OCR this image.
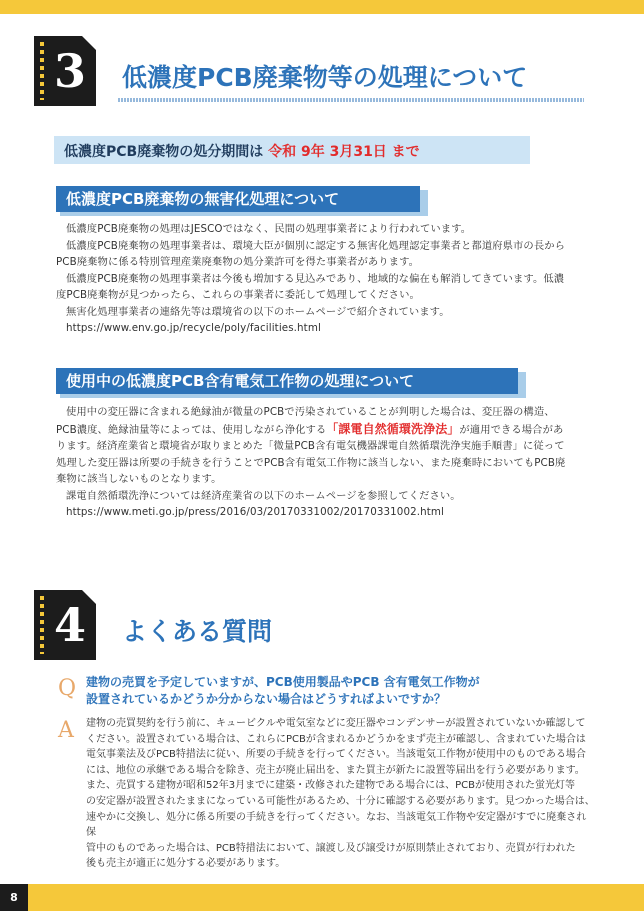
3 低濃度PCB廃棄物等の処理について
低濃度PCB廃棄物の処分期間は 令和 9年 3月31日 まで
低濃度PCB廃棄物の無害化処理について

低濃度PCB廃棄物の処理はJESCOではなく、民間の処理事業者により行われています。

低濃度PCB廃棄物の処理事業者は、環境大臣が個別に認定する無害化処理認定事業者と都道府県市の長から

PCB廃棄物に係る特別管理産業廃棄物の処分業許可を得た事業者があります。

低濃度PCB廃棄物の処理事業者は今後も増加する見込みであり、地域的な偏在も解消してきています。低濃

度PCB廃棄物が見つかったら、これらの事業者に委託して処理してください。

無害化処理事業者の連絡先等は環境省の以下のホームページで紹介されています。

https://www.env.go.jp/recycle/poly/facilities.html

使用中の低濃度PCB含有電気工作物の処理について

使用中の変圧器に含まれる絶縁油が微量のPCBで汚染されていることが判明した場合は、変圧器の構造、

PCB濃度、絶縁油量等によっては、使用しながら浄化する「課電自然循環洗浄法」が適用できる場合があ

ります。経済産業省と環境省が取りまとめた「微量PCB含有電気機器課電自然循環洗浄実施手順書」に従って

処理した変圧器は所要の手続きを行うことでPCB含有電気工作物に該当しない、また廃棄時においてもPCB廃

棄物に該当しないものとなります。

課電自然循環洗浄については経済産業省の以下のホームページを参照してください。

https://www.meti.go.jp/press/2016/03/20170331002/20170331002.html

4 よくある質問
Q 建物の売買を予定していますが、PCB使用製品やPCB 含有電気工作物が

設置されているかどうか分からない場合はどうすればよいですか？

A 建物の売買契約を行う前に、キュービクルや電気室などに変圧器やコンデンサーが設置されていないか確認して

ください。設置されている場合は、これらにPCBが含まれるかどうかをまず売主が確認し、含まれていた場合は

電気事業法及びPCB特措法に従い、所要の手続きを行ってください。当該電気工作物が使用中のものである場合

には、地位の承継である場合を除き、売主が廃止届出を、また買主が新たに設置等届出を行う必要があります。

また、売買する建物が昭和52年3月までに建築・改修された建物である場合には、PCBが使用された蛍光灯等

の安定器が設置されたままになっている可能性があるため、十分に確認する必要があります。見つかった場合は、

速やかに交換し、処分に係る所要の手続きを行ってください。なお、当該電気工作物や安定器がすでに廃棄され保

管中のものであった場合は、PCB特措法において、譲渡し及び譲受けが原則禁止されており、売買が行われた

後も売主が適正に処分する必要があります。

8
